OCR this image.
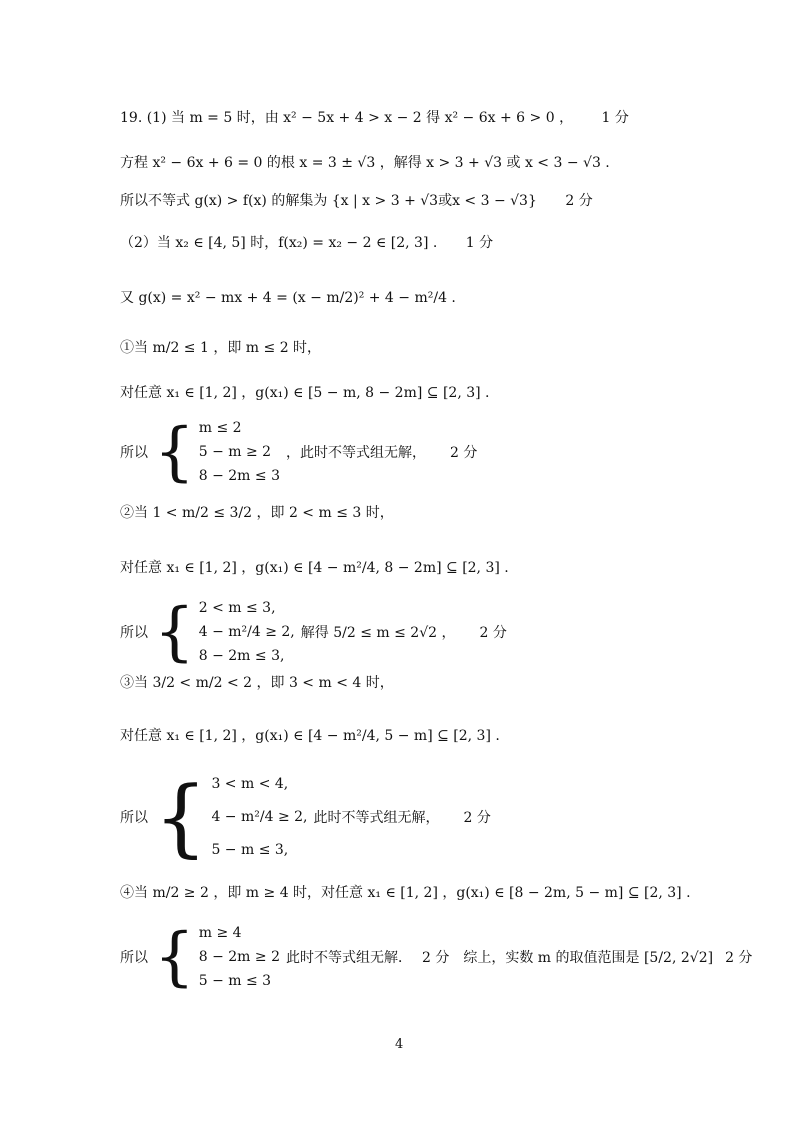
19. (1) 当 m = 5 时，由 x² − 5x + 4 > x − 2 得 x² − 6x + 6 > 0 ， 1 分
方程 x² − 6x + 6 = 0 的根 x = 3 ± √3 ，解得 x > 3 + √3 或 x < 3 − √3 .
所以不等式 g(x) > f(x) 的解集为 {x | x > 3 + √3或x < 3 − √3} 2 分
（2）当 x₂ ∈ [4, 5] 时，f(x₂) = x₂ − 2 ∈ [2, 3] . 1 分
又 g(x) = x² − mx + 4 = (x − m/2)² + 4 − m²/4 .
①当 m/2 ≤ 1 ，即 m ≤ 2 时，
对任意 x₁ ∈ [1, 2] ，g(x₁) ∈ [5 − m, 8 − 2m] ⊆ [2, 3] .
所以 { m ≤ 2
5 − m ≥ 2
8 − 2m ≤ 3
，此时不等式组无解， 2 分
②当 1 < m/2 ≤ 3/2 ，即 2 < m ≤ 3 时，
对任意 x₁ ∈ [1, 2] ，g(x₁) ∈ [4 − m²/4, 8 − 2m] ⊆ [2, 3] .
所以 { 2 < m ≤ 3,
4 − m²/4 ≥ 2,
8 − 2m ≤ 3,
解得 5/2 ≤ m ≤ 2√2 ， 2 分
③当 3/2 < m/2 < 2 ，即 3 < m < 4 时，
对任意 x₁ ∈ [1, 2] ，g(x₁) ∈ [4 − m²/4, 5 − m] ⊆ [2, 3] .
所以 { 3 < m < 4,
4 − m²/4 ≥ 2,
5 − m ≤ 3,
此时不等式组无解， 2 分
④当 m/2 ≥ 2 ，即 m ≥ 4 时，对任意 x₁ ∈ [1, 2] ，g(x₁) ∈ [8 − 2m, 5 − m] ⊆ [2, 3] .
所以 { m ≥ 4
8 − 2m ≥ 2
5 − m ≤ 3
此时不等式组无解． 2 分 综上，实数 m 的取值范围是 [5/2, 2√2] 2 分
4
